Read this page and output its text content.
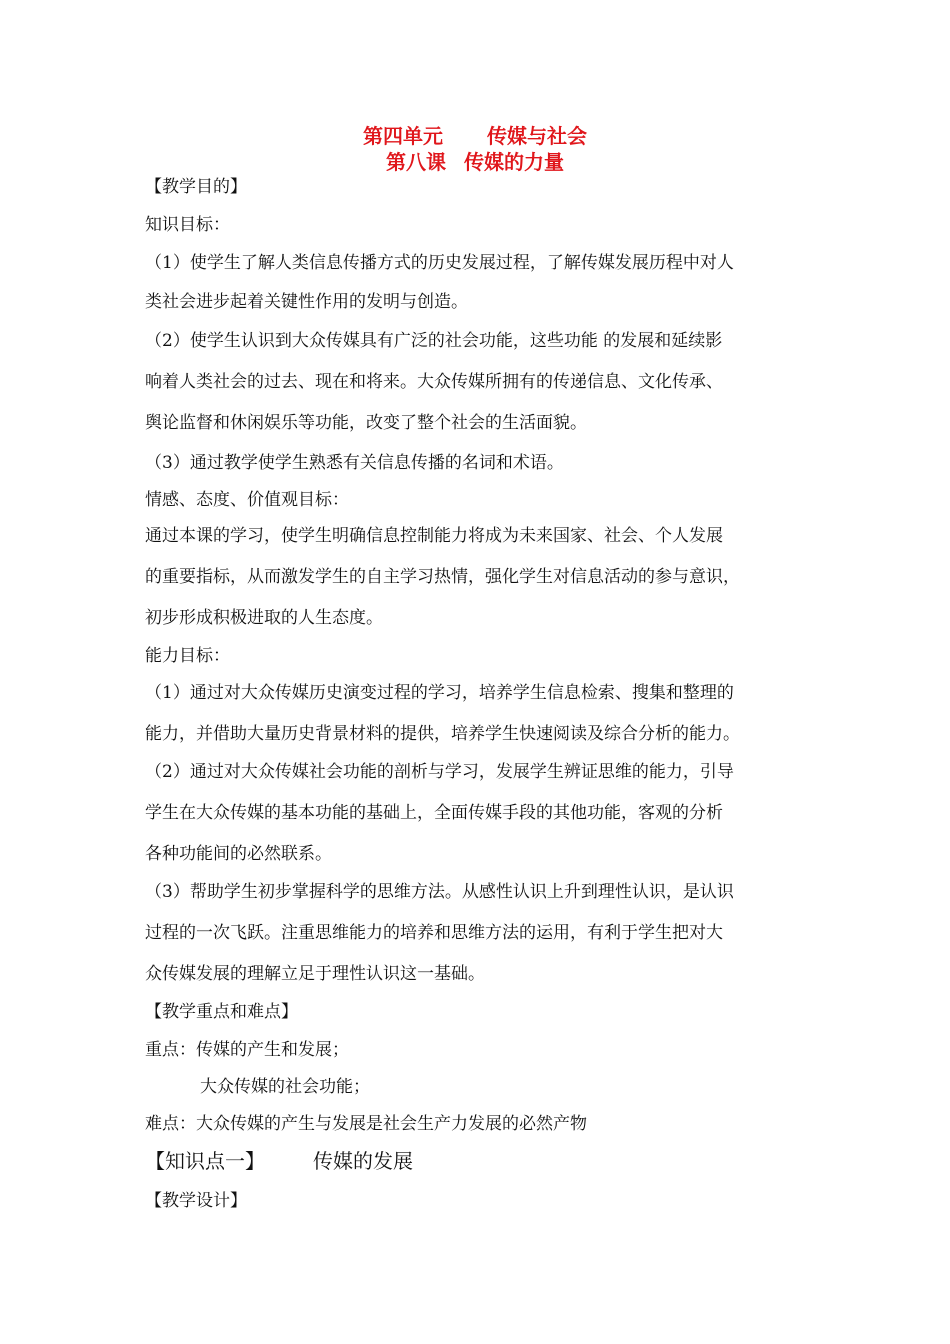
第四单元 传媒与社会
第八课 传媒的力量
【教学目的】
知识目标：
（1）使学生了解人类信息传播方式的历史发展过程，了解传媒发展历程中对人
类社会进步起着关键性作用的发明与创造。
（2）使学生认识到大众传媒具有广泛的社会功能，这些功能 的发展和延续影
响着人类社会的过去、现在和将来。大众传媒所拥有的传递信息、文化传承、
舆论监督和休闲娱乐等功能，改变了整个社会的生活面貌。
（3）通过教学使学生熟悉有关信息传播的名词和术语。
情感、态度、价值观目标：
通过本课的学习，使学生明确信息控制能力将成为未来国家、社会、个人发展
的重要指标，从而激发学生的自主学习热情，强化学生对信息活动的参与意识，
初步形成积极进取的人生态度。
能力目标：
（1）通过对大众传媒历史演变过程的学习，培养学生信息检索、搜集和整理的
能力，并借助大量历史背景材料的提供，培养学生快速阅读及综合分析的能力。
（2）通过对大众传媒社会功能的剖析与学习，发展学生辨证思维的能力，引导
学生在大众传媒的基本功能的基础上，全面传媒手段的其他功能，客观的分析
各种功能间的必然联系。
（3）帮助学生初步掌握科学的思维方法。从感性认识上升到理性认识，是认识
过程的一次飞跃。注重思维能力的培养和思维方法的运用，有利于学生把对大
众传媒发展的理解立足于理性认识这一基础。
【教学重点和难点】
重点：传媒的产生和发展；
大众传媒的社会功能；
难点：大众传媒的产生与发展是社会生产力发展的必然产物
【知识点一】 传媒的发展
【教学设计】
